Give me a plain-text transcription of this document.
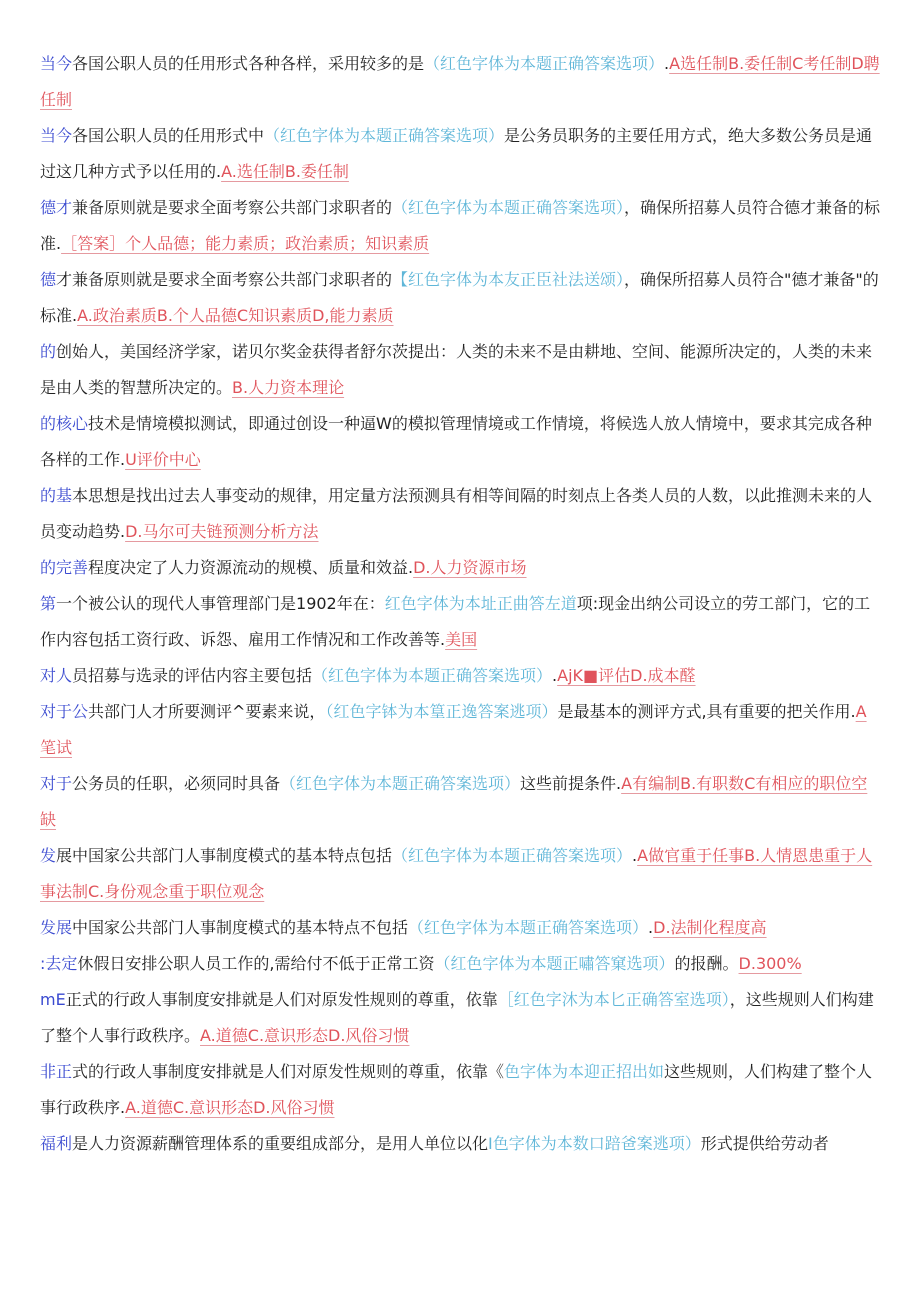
当今各国公职人员的任用形式各种各样，采用较多的是（红色字体为本题正确答案选项）.A选任制B.委任制C考任制D聘任制

当今各国公职人员的任用形式中（红色字体为本题正确答案选项）是公务员职务的主要任用方式，绝大多数公务员是通过这几种方式予以任用的.A.选任制B.委任制

德才兼备原则就是要求全面考察公共部门求职者的（红色字体为本题正确答案选项），确保所招募人员符合德才兼备的标准.［答案］个人品德；能力素质；政治素质；知识素质

德才兼备原则就是要求全面考察公共部门求职者的【红色字体为本友正臣社法送颂），确保所招募人员符合"德才兼备"的标准.A.政治素质B.个人品德C知识素质D,能力素质

的创始人，美国经济学家，诺贝尔奖金获得者舒尔茨提出：人类的未来不是由耕地、空间、能源所决定的，人类的未来是由人类的智慧所决定的。B.人力资本理论

的核心技术是情境模拟测试，即通过创设一种逼W的模拟管理情境或工作情境，将候选人放人情境中，要求其完成各种各样的工作.U评价中心

的基本思想是找出过去人事变动的规律，用定量方法预测具有相等间隔的时刻点上各类人员的人数，以此推测未来的人员变动趋势.D.马尔可夫链预测分析方法

的完善程度决定了人力资源流动的规模、质量和效益.D.人力资源市场

第一个被公认的现代人事管理部门是1902年在：红色字体为本址正曲答左道项:现金出纳公司设立的劳工部门，它的工作内容包括工资行政、诉怨、雇用工作情况和工作改善等.美国

对人员招募与选录的评估内容主要包括（红色字体为本题正确答案选项）.AjK■评估D.成本醛

对于公共部门人才所要测评^要素来说，（红色字钵为本篁正逸答案逃项）是最基本的测评方式,具有重要的把关作用.A笔试

对于公务员的任职，必须同时具备（红色字体为本题正确答案选项）这些前提条件.A有编制B.有职数C有相应的职位空缺

发展中国家公共部门人事制度模式的基本特点包括（红色字体为本题正确答案选项）.A做官重于任事B.人情恩患重于人事法制C.身份观念重于职位观念

发展中国家公共部门人事制度模式的基本特点不包括（红色字体为本题正确答案选项）.D.法制化程度高

:去定休假日安排公职人员工作的,需给付不低于正常工资（红色字体为本题正嘯答窠选项）的报酬。D.300%

mE正式的行政人事制度安排就是人们对原发性规则的尊重，依靠［红色字沐为本匕正确答室选项），这些规则人们构建了整个人事行政秩序。A.道德C.意识形态D.风俗习惯

非正式的行政人事制度安排就是人们对原发性规则的尊重，依靠《色字体为本迎正招出如这些规则，人们构建了整个人事行政秩序.A.道德C.意识形态D.风俗习惯

福利是人力资源薪酬管理体系的重要组成部分，是用人单位以化I色字体为本数口踣爸案逃项）形式提供给劳动者
